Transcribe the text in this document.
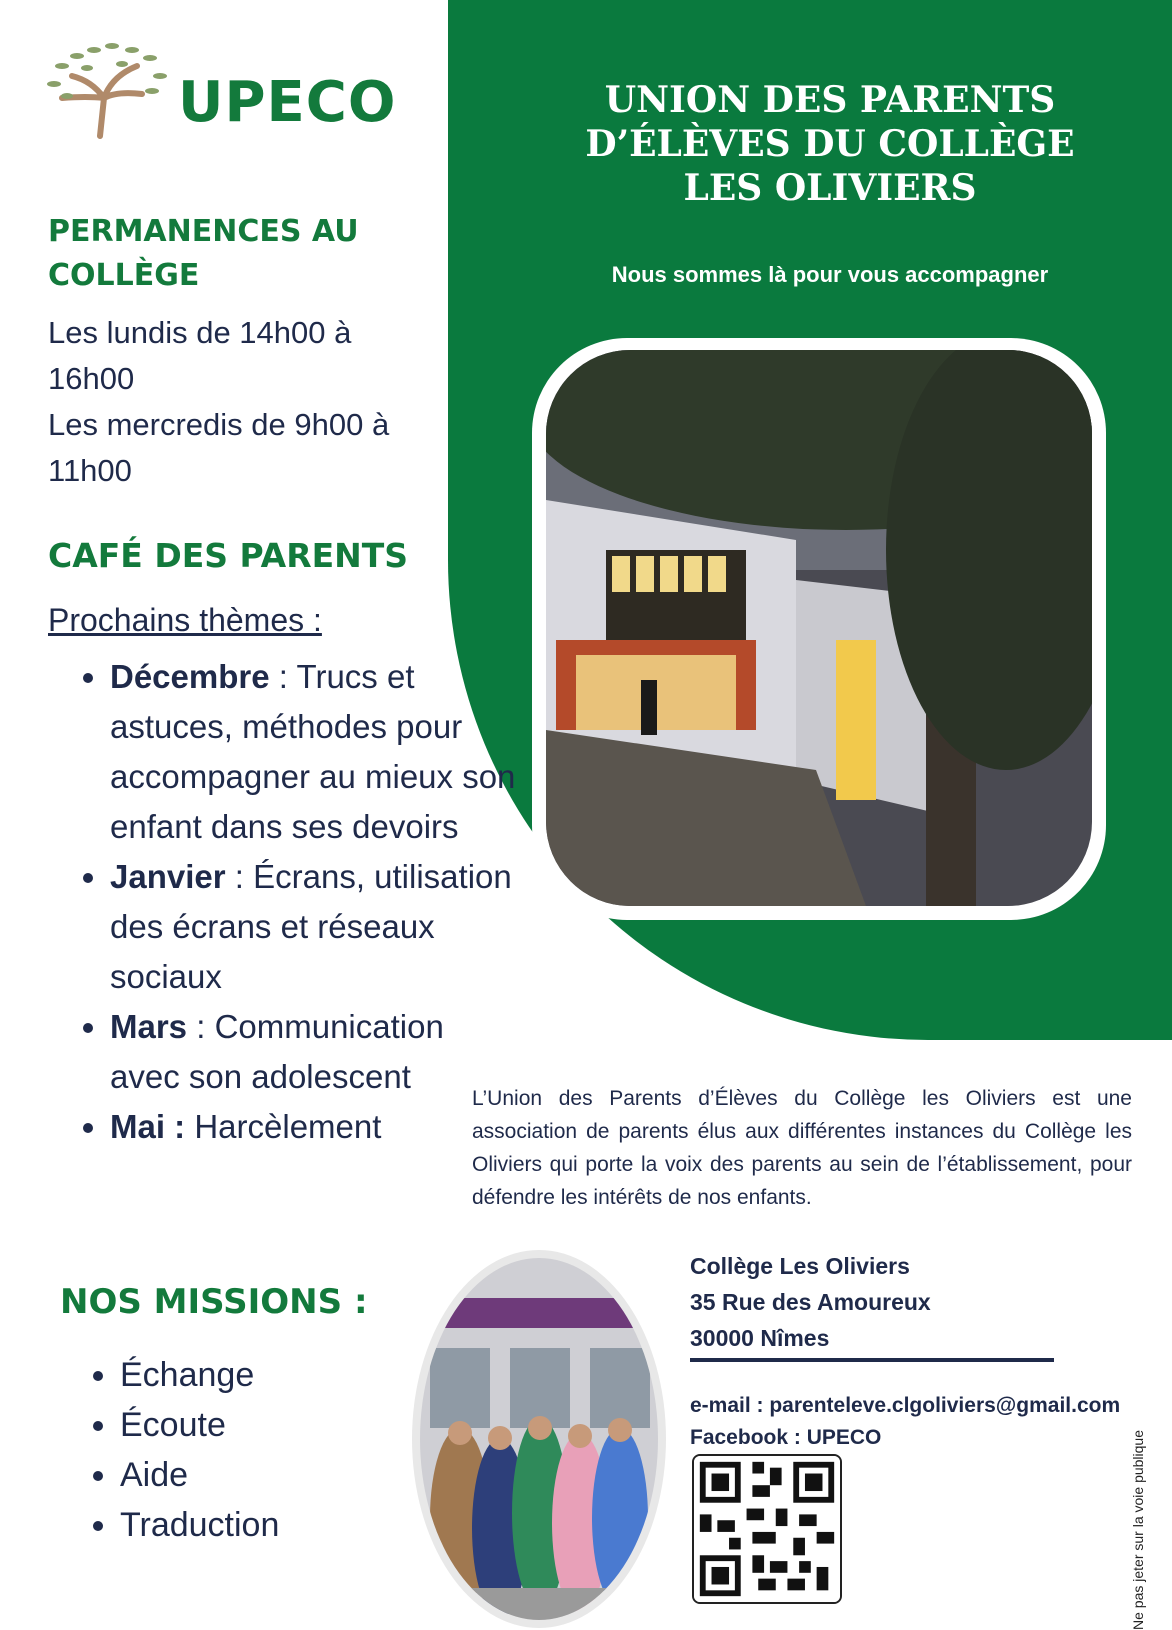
UPECO	UNION DES PARENTS D’ÉLÈVES DU COLLÈGE LES OLIVIERS
Nous sommes là pour vous accompagner
PERMANENCES AU
COLLÈGE
Les lundis de 14h00 à
16h00
Les mercredis de 9h00 à
11h00
CAFÉ DES PARENTS
Prochains thèmes :
• Décembre : Trucs et astuces, méthodes pour accompagner au mieux son enfant dans ses devoirs
• Janvier : Écrans, utilisation des écrans et réseaux sociaux
• Mars : Communication avec son adolescent
• Mai : Harcèlement
NOS MISSIONS :
• Échange
• Écoute
• Aide
• Traduction
L’Union des Parents d’Élèves du Collège les Oliviers est une association de parents élus aux différentes instances du Collège les Oliviers qui porte la voix des parents au sein de l’établissement, pour défendre les intérêts de nos enfants.
Collège Les Oliviers
35 Rue des Amoureux
30000 Nîmes
e-mail : parenteleve.clgoliviers@gmail.com
Facebook : UPECO	Ne pas jeter sur la voie publique
